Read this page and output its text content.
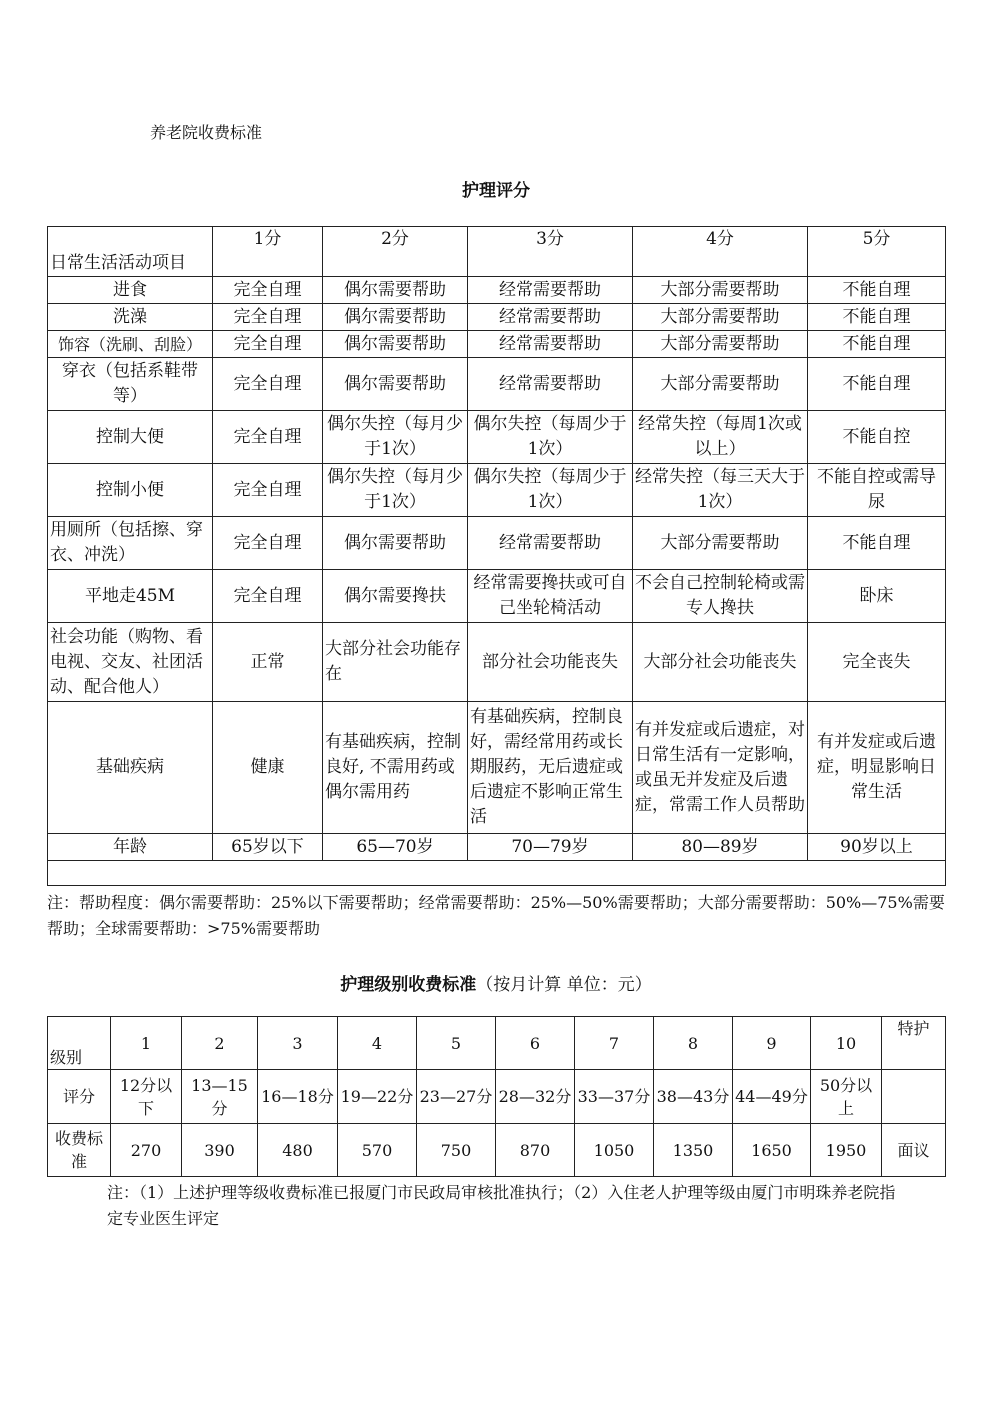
养老院收费标准
护理评分
日常生活活动项目	1分	2分	3分	4分	5分
进食	完全自理	偶尔需要帮助	经常需要帮助	大部分需要帮助	不能自理
洗澡	完全自理	偶尔需要帮助	经常需要帮助	大部分需要帮助	不能自理
饰容（洗刷、刮脸）	完全自理	偶尔需要帮助	经常需要帮助	大部分需要帮助	不能自理
穿衣（包括系鞋带等）	完全自理	偶尔需要帮助	经常需要帮助	大部分需要帮助	不能自理
控制大便	完全自理	偶尔失控（每月少于1次）	偶尔失控（每周少于1次）	经常失控（每周1次或以上）	不能自控
控制小便	完全自理	偶尔失控（每月少于1次）	偶尔失控（每周少于1次）	经常失控（每三天大于1次）	不能自控或需导尿
用厕所（包括擦、穿衣、冲洗）	完全自理	偶尔需要帮助	经常需要帮助	大部分需要帮助	不能自理
平地走45M	完全自理	偶尔需要搀扶	经常需要搀扶或可自己坐轮椅活动	不会自己控制轮椅或需专人搀扶	卧床
社会功能（购物、看电视、交友、社团活动、配合他人）	正常	大部分社会功能存在	部分社会功能丧失	大部分社会功能丧失	完全丧失
基础疾病	健康	有基础疾病，控制良好, 不需用药或偶尔需用药	有基础疾病，控制良好，需经常用药或长期服药，无后遗症或后遗症不影响正常生活	有并发症或后遗症，对日常生活有一定影响，或虽无并发症及后遗症，常需工作人员帮助	有并发症或后遗症，明显影响日常生活
年龄	65岁以下	65—70岁	70—79岁	80—89岁	90岁以上

注：帮助程度：偶尔需要帮助：25%以下需要帮助；经常需要帮助：25%—50%需要帮助；大部分需要帮助：50%—75%需要帮助；全球需要帮助：>75%需要帮助
护理级别收费标准（按月计算 单位：元）
级别	1	2	3	4	5	6	7	8	9	10	特护
评分	12分以下	13—15分	16—18分	19—22分	23—27分	28—32分	33—37分	38—43分	44—49分	50分以上	
收费标准	270	390	480	570	750	870	1050	1350	1650	1950	面议
注：（1）上述护理等级收费标准已报厦门市民政局审核批准执行；（2）入住老人护理等级由厦门市明珠养老院指定专业医生评定
